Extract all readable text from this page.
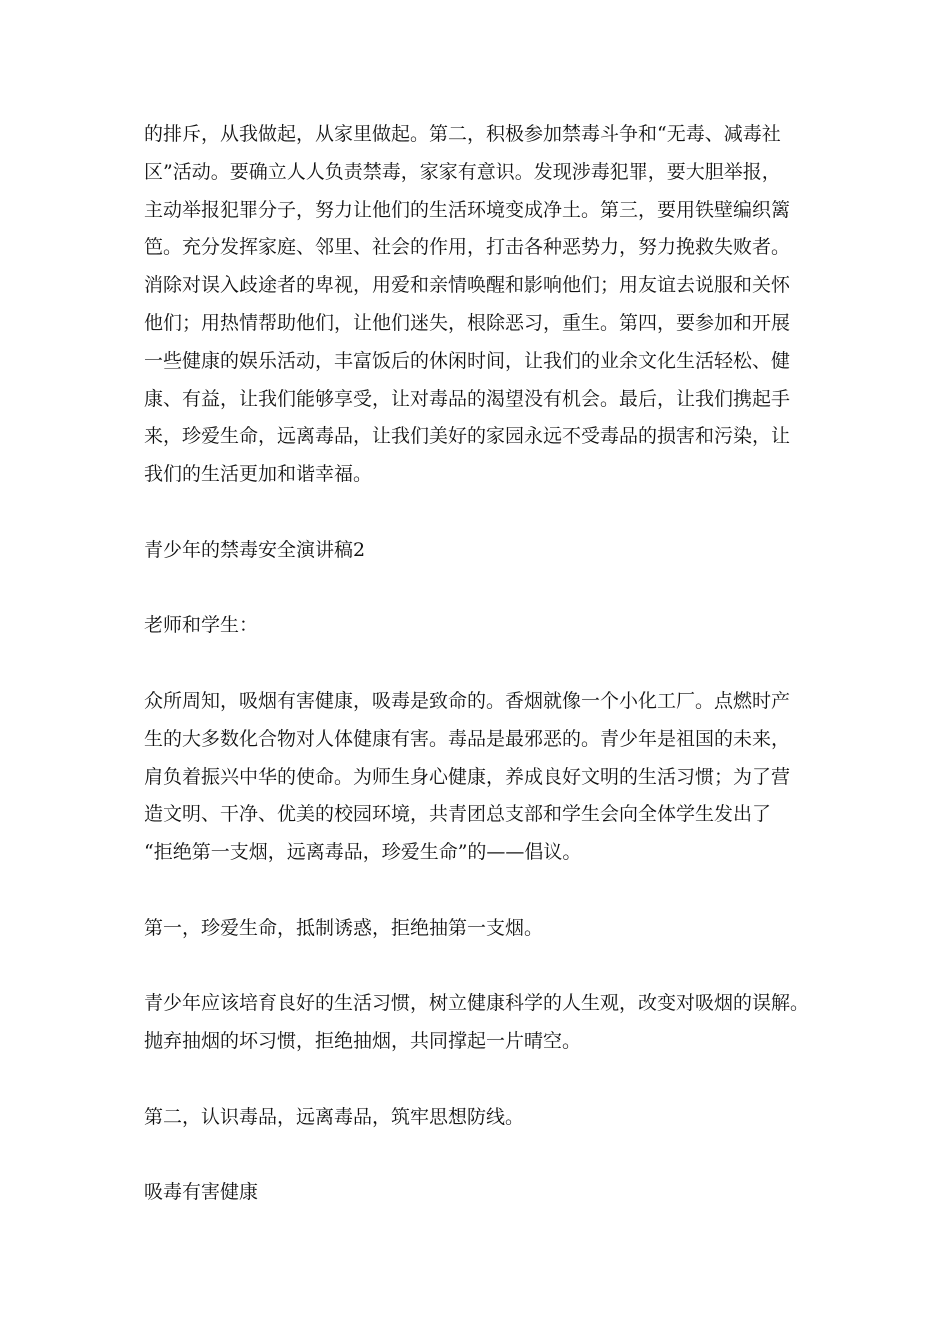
的排斥，从我做起，从家里做起。第二，积极参加禁毒斗争和“无毒、减毒社
区”活动。要确立人人负责禁毒，家家有意识。发现涉毒犯罪，要大胆举报，
主动举报犯罪分子，努力让他们的生活环境变成净土。第三，要用铁壁编织篱
笆。充分发挥家庭、邻里、社会的作用，打击各种恶势力，努力挽救失败者。
消除对误入歧途者的卑视，用爱和亲情唤醒和影响他们；用友谊去说服和关怀
他们；用热情帮助他们，让他们迷失，根除恶习，重生。第四，要参加和开展
一些健康的娱乐活动，丰富饭后的休闲时间，让我们的业余文化生活轻松、健
康、有益，让我们能够享受，让对毒品的渴望没有机会。最后，让我们携起手
来，珍爱生命，远离毒品，让我们美好的家园永远不受毒品的损害和污染，让
我们的生活更加和谐幸福。
青少年的禁毒安全演讲稿2
老师和学生：
众所周知，吸烟有害健康，吸毒是致命的。香烟就像一个小化工厂。点燃时产
生的大多数化合物对人体健康有害。毒品是最邪恶的。青少年是祖国的未来，
肩负着振兴中华的使命。为师生身心健康，养成良好文明的生活习惯；为了营
造文明、干净、优美的校园环境，共青团总支部和学生会向全体学生发出了
“拒绝第一支烟，远离毒品，珍爱生命”的——倡议。
第一，珍爱生命，抵制诱惑，拒绝抽第一支烟。
青少年应该培育良好的生活习惯，树立健康科学的人生观，改变对吸烟的误解。
抛弃抽烟的坏习惯，拒绝抽烟，共同撑起一片晴空。
第二，认识毒品，远离毒品，筑牢思想防线。
吸毒有害健康
